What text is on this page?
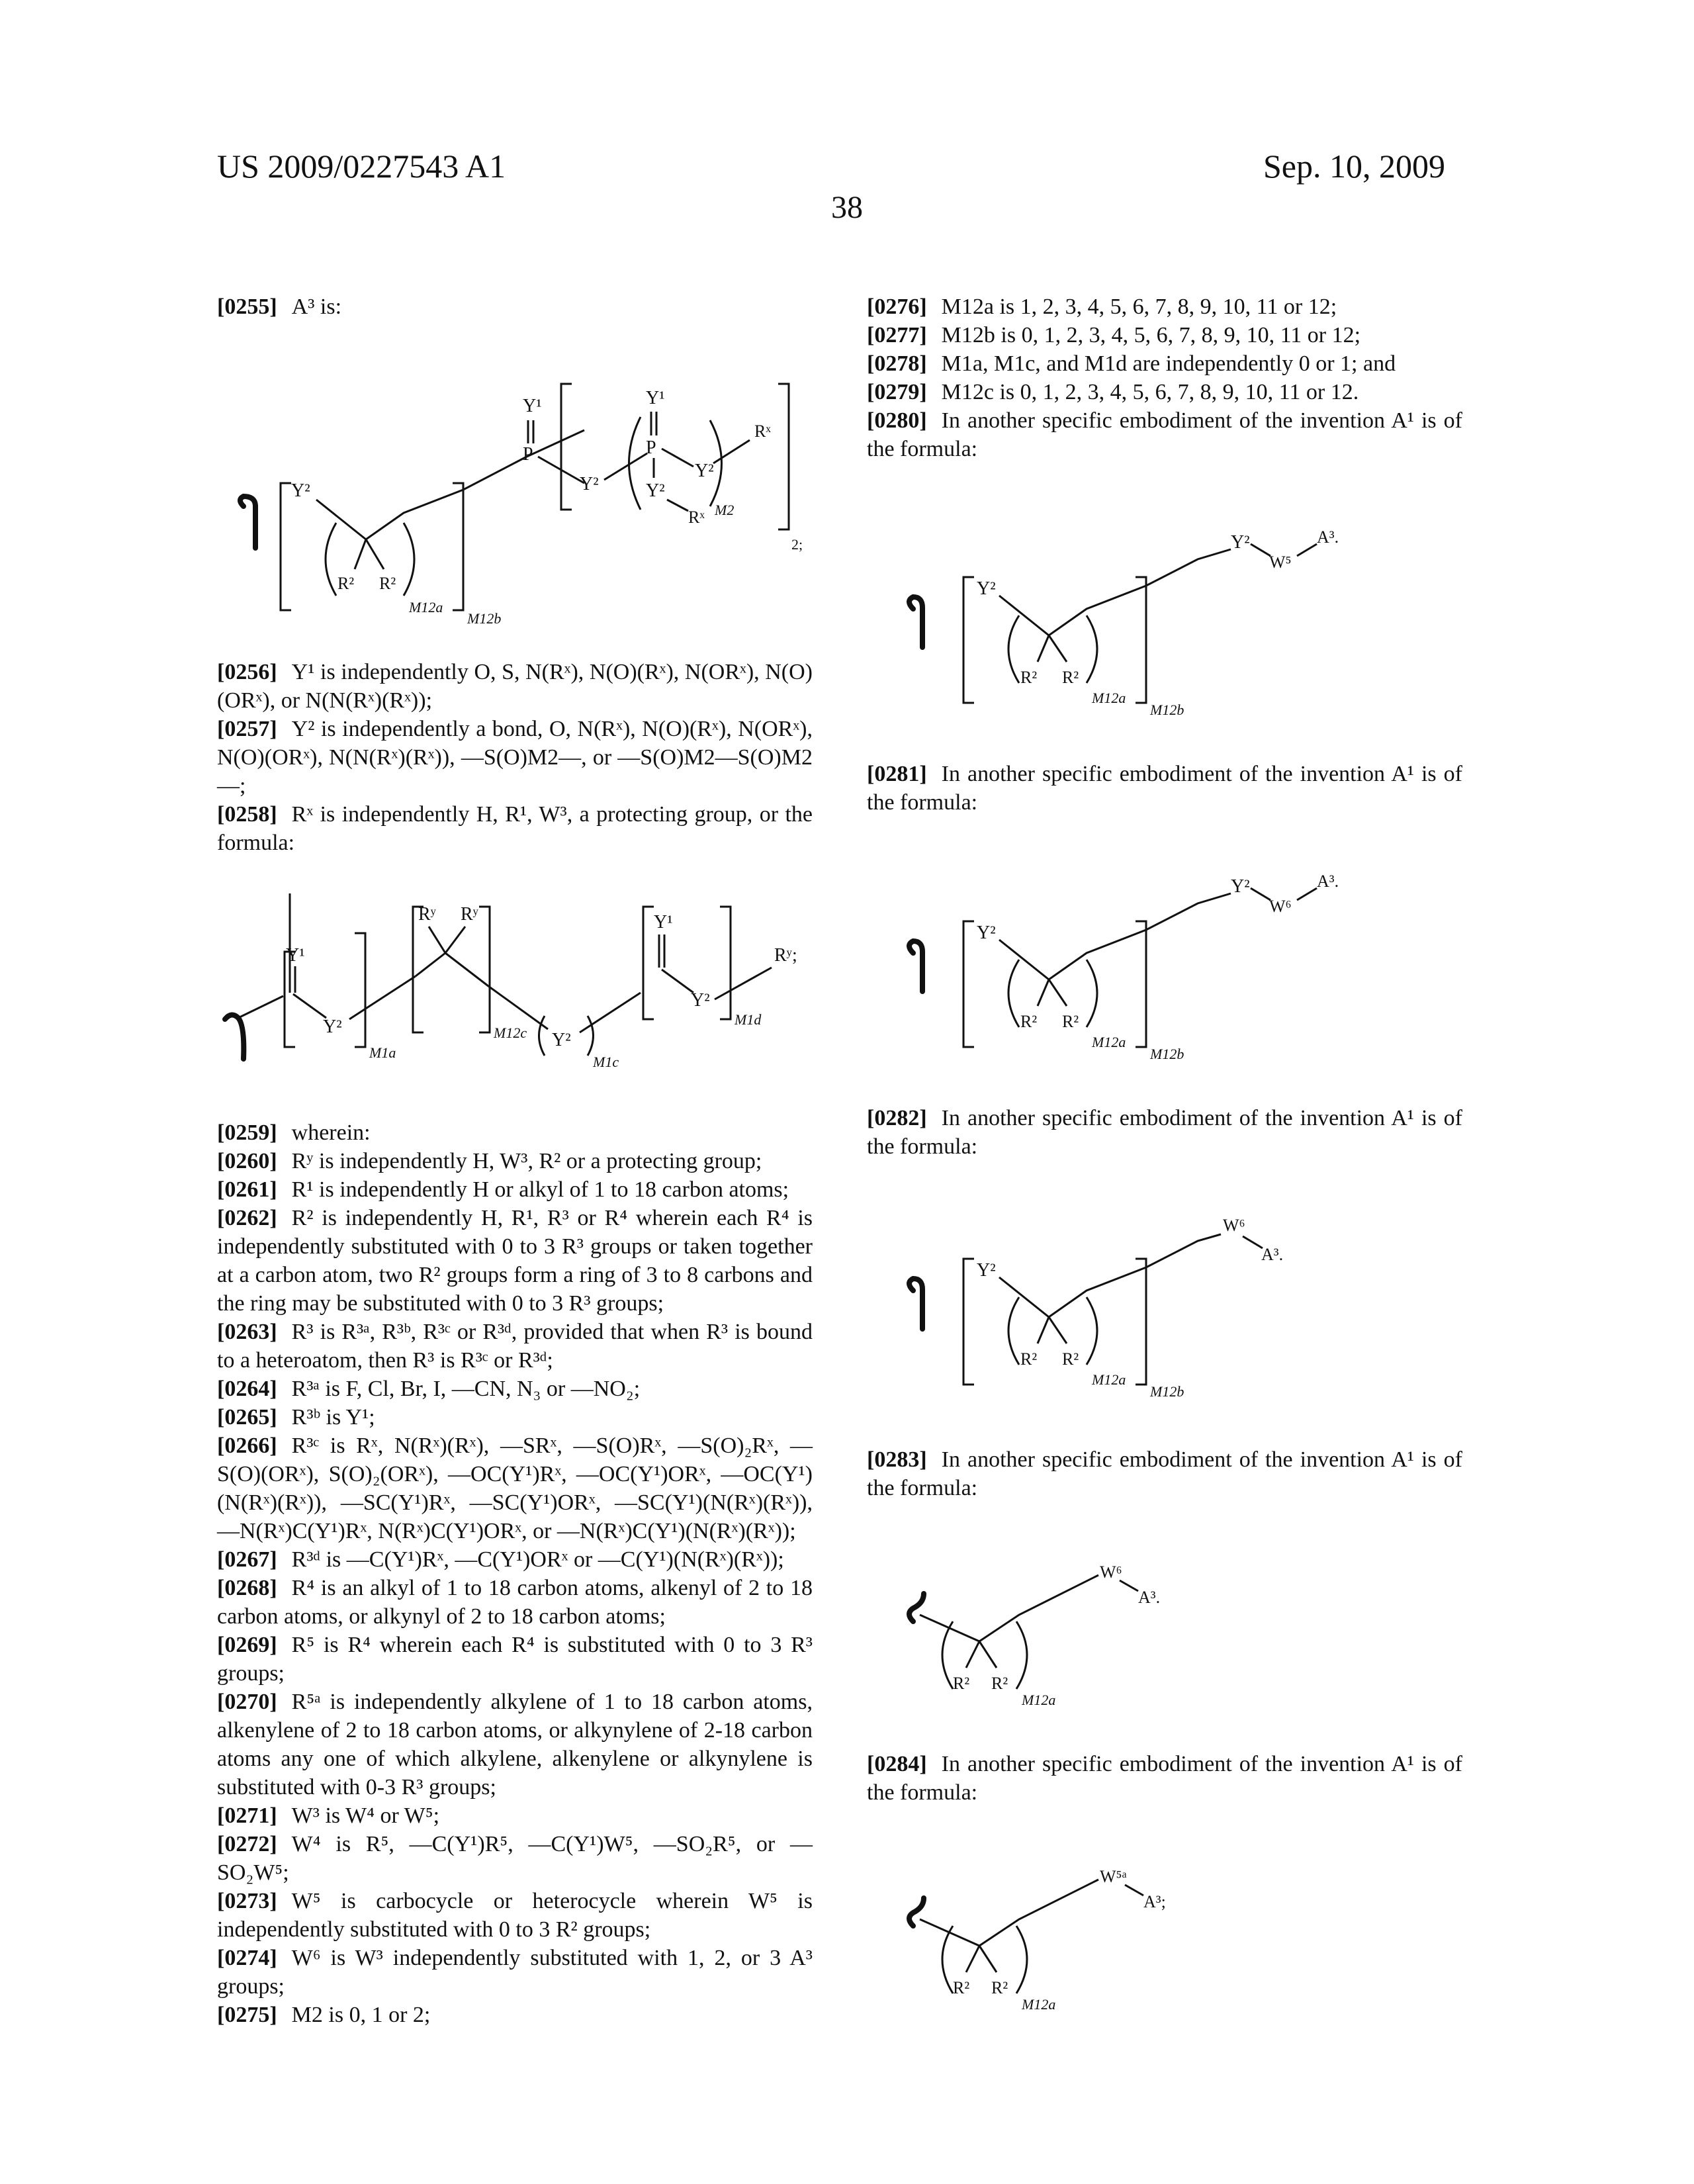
US 2009/0227543 A1	Sep. 10, 2009
38

[0255] A³ is:

Y²
R² R²
M12a
M12b
Y¹
P
Y²
Y¹
P
Y²
Y²
Rˣ M2
Rˣ
2;

[0256] Y¹ is independently O, S, N(Rˣ), N(O)(Rˣ), N(ORˣ), N(O)(ORˣ), or N(N(Rˣ)(Rˣ));

[0257] Y² is independently a bond, O, N(Rˣ), N(O)(Rˣ), N(ORˣ), N(O)(ORˣ), N(N(Rˣ)(Rˣ)), —S(O)M2—, or —S(O)M2—S(O)M2—;

[0258] Rˣ is independently H, R¹, W³, a protecting group, or the formula:

Y¹
Y²
M1a
Rʸ Rʸ
M12c Y²
M1c
Y¹
Y²
M1d
Rʸ;

[0259] wherein:

[0260] Rʸ is independently H, W³, R² or a protecting group;

[0261] R¹ is independently H or alkyl of 1 to 18 carbon atoms;

[0262] R² is independently H, R¹, R³ or R⁴ wherein each R⁴ is independently substituted with 0 to 3 R³ groups or taken together at a carbon atom, two R² groups form a ring of 3 to 8 carbons and the ring may be substituted with 0 to 3 R³ groups;

[0263] R³ is R³ᵃ, R³ᵇ, R³ᶜ or R³ᵈ, provided that when R³ is bound to a heteroatom, then R³ is R³ᶜ or R³ᵈ;

[0264] R³ᵃ is F, Cl, Br, I, —CN, N₃ or —NO₂;

[0265] R³ᵇ is Y¹;

[0266] R³ᶜ is Rˣ, N(Rˣ)(Rˣ), —SRˣ, —S(O)Rˣ, —S(O)₂Rˣ, —S(O)(ORˣ), S(O)₂(ORˣ), —OC(Y¹)Rˣ, —OC(Y¹)ORˣ, —OC(Y¹)(N(Rˣ)(Rˣ)), —SC(Y¹)Rˣ, —SC(Y¹)ORˣ, —SC(Y¹)(N(Rˣ)(Rˣ)), —N(Rˣ)C(Y¹)Rˣ, N(Rˣ)C(Y¹)ORˣ, or —N(Rˣ)C(Y¹)(N(Rˣ)(Rˣ));

[0267] R³ᵈ is —C(Y¹)Rˣ, —C(Y¹)ORˣ or —C(Y¹)(N(Rˣ)(Rˣ));

[0268] R⁴ is an alkyl of 1 to 18 carbon atoms, alkenyl of 2 to 18 carbon atoms, or alkynyl of 2 to 18 carbon atoms;

[0269] R⁵ is R⁴ wherein each R⁴ is substituted with 0 to 3 R³ groups;

[0270] R⁵ᵃ is independently alkylene of 1 to 18 carbon atoms, alkenylene of 2 to 18 carbon atoms, or alkynylene of 2-18 carbon atoms any one of which alkylene, alkenylene or alkynylene is substituted with 0-3 R³ groups;

[0271] W³ is W⁴ or W⁵;

[0272] W⁴ is R⁵, —C(Y¹)R⁵, —C(Y¹)W⁵, —SO₂R⁵, or —SO₂W⁵;

[0273] W⁵ is carbocycle or heterocycle wherein W⁵ is independently substituted with 0 to 3 R² groups;

[0274] W⁶ is W³ independently substituted with 1, 2, or 3 A³ groups;

[0275] M2 is 0, 1 or 2;

[0276] M12a is 1, 2, 3, 4, 5, 6, 7, 8, 9, 10, 11 or 12;

[0277] M12b is 0, 1, 2, 3, 4, 5, 6, 7, 8, 9, 10, 11 or 12;

[0278] M1a, M1c, and M1d are independently 0 or 1; and

[0279] M12c is 0, 1, 2, 3, 4, 5, 6, 7, 8, 9, 10, 11 or 12.

[0280] In another specific embodiment of the invention A¹ is of the formula:

Y²
R² R²
M12a
M12b
Y²
W⁵
A³.

[0281] In another specific embodiment of the invention A¹ is of the formula:

Y²
R² R²
M12a
M12b
Y²
W⁶
A³.

[0282] In another specific embodiment of the invention A¹ is of the formula:

Y²
R² R²
M12a
M12b
W⁶
A³.

[0283] In another specific embodiment of the invention A¹ is of the formula:

R² R²
M12a
W⁶
A³.

[0284] In another specific embodiment of the invention A¹ is of the formula:

R² R²
M12a
W⁵ᵃ
A³;
